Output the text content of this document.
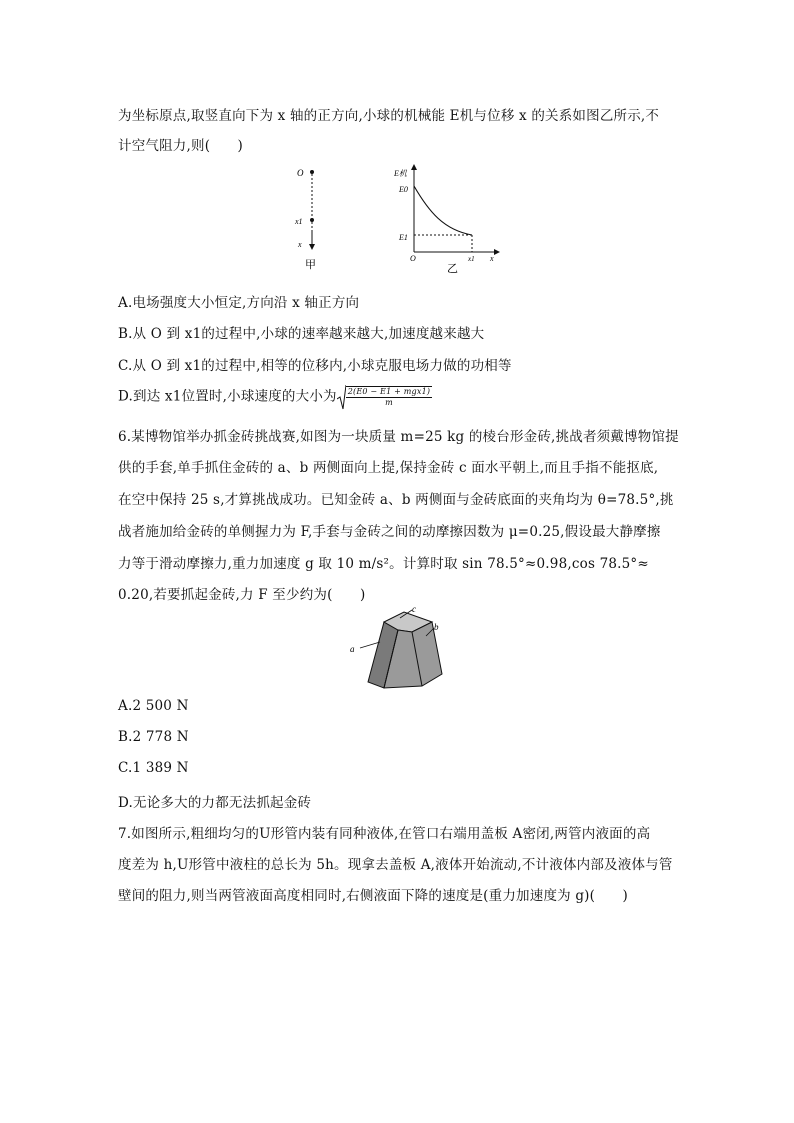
为坐标原点,取竖直向下为 x 轴的正方向,小球的机械能 E机与位移 x 的关系如图乙所示,不
计空气阻力,则(　　)
O
x1
x
甲
E机
E0
E1
O	x1 x
乙
A.电场强度大小恒定,方向沿 x 轴正方向
B.从 O 到 x1的过程中,小球的速率越来越大,加速度越来越大
C.从 O 到 x1的过程中,相等的位移内,小球克服电场力做的功相等
D.到达 x1位置时,小球速度的大小为 $\frac{\text{2(E0 − E1 + mgx1)}}{m}$
6.某博物馆举办抓金砖挑战赛,如图为一块质量 m=25 kg 的棱台形金砖,挑战者须戴博物馆提
供的手套,单手抓住金砖的 a、b 两侧面向上提,保持金砖 c 面水平朝上,而且手指不能抠底,
在空中保持 25 s,才算挑战成功。已知金砖 a、b 两侧面与金砖底面的夹角均为 θ=78.5°,挑
战者施加给金砖的单侧握力为 F,手套与金砖之间的动摩擦因数为 μ=0.25,假设最大静摩擦
力等于滑动摩擦力,重力加速度 g 取 10 m/s²。计算时取 sin 78.5°≈0.98,cos 78.5°≈
0.20,若要抓起金砖,力 F 至少约为(　　)
a
c
b
A.2 500 N
B.2 778 N
C.1 389 N
D.无论多大的力都无法抓起金砖
7.如图所示,粗细均匀的U形管内装有同种液体,在管口右端用盖板 A密闭,两管内液面的高
度差为 h,U形管中液柱的总长为 5h。现拿去盖板 A,液体开始流动,不计液体内部及液体与管
壁间的阻力,则当两管液面高度相同时,右侧液面下降的速度是(重力加速度为 g)(　　)
